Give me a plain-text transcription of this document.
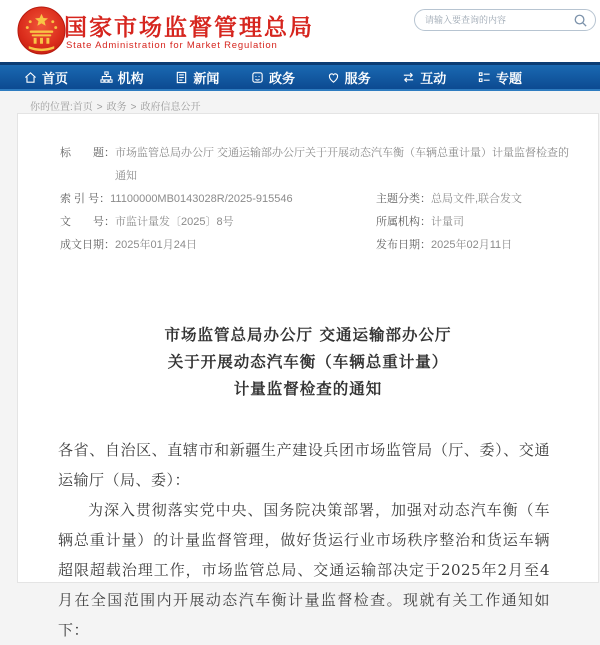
国家市场监督管理总局
State Administration for Market Regulation
请输入要查询的内容
首页	机构	新闻	政务	服务	互动	专题
你的位置:首页 > 政务 > 政府信息公开
标　　题： 市场监管总局办公厅 交通运输部办公厅关于开展动态汽车衡（车辆总重计量）计量监督检查的通知
索 引 号： 11100000MB0143028R/2025-915546	主题分类： 总局文件,联合发文
文　　号： 市监计量发〔2025〕8号	所属机构： 计量司
成文日期： 2025年01月24日	发布日期： 2025年02月11日
市场监管总局办公厅 交通运输部办公厅
关于开展动态汽车衡（车辆总重计量）
计量监督检查的通知
各省、自治区、直辖市和新疆生产建设兵团市场监管局（厅、委）、交通运输厅（局、委）：
为深入贯彻落实党中央、国务院决策部署，加强对动态汽车衡（车辆总重计量）的计量监督管理，做好货运行业市场秩序整治和货运车辆超限超载治理工作，市场监管总局、交通运输部决定于2025年2月至4月在全国范围内开展动态汽车衡计量监督检查。现就有关工作通知如下：
